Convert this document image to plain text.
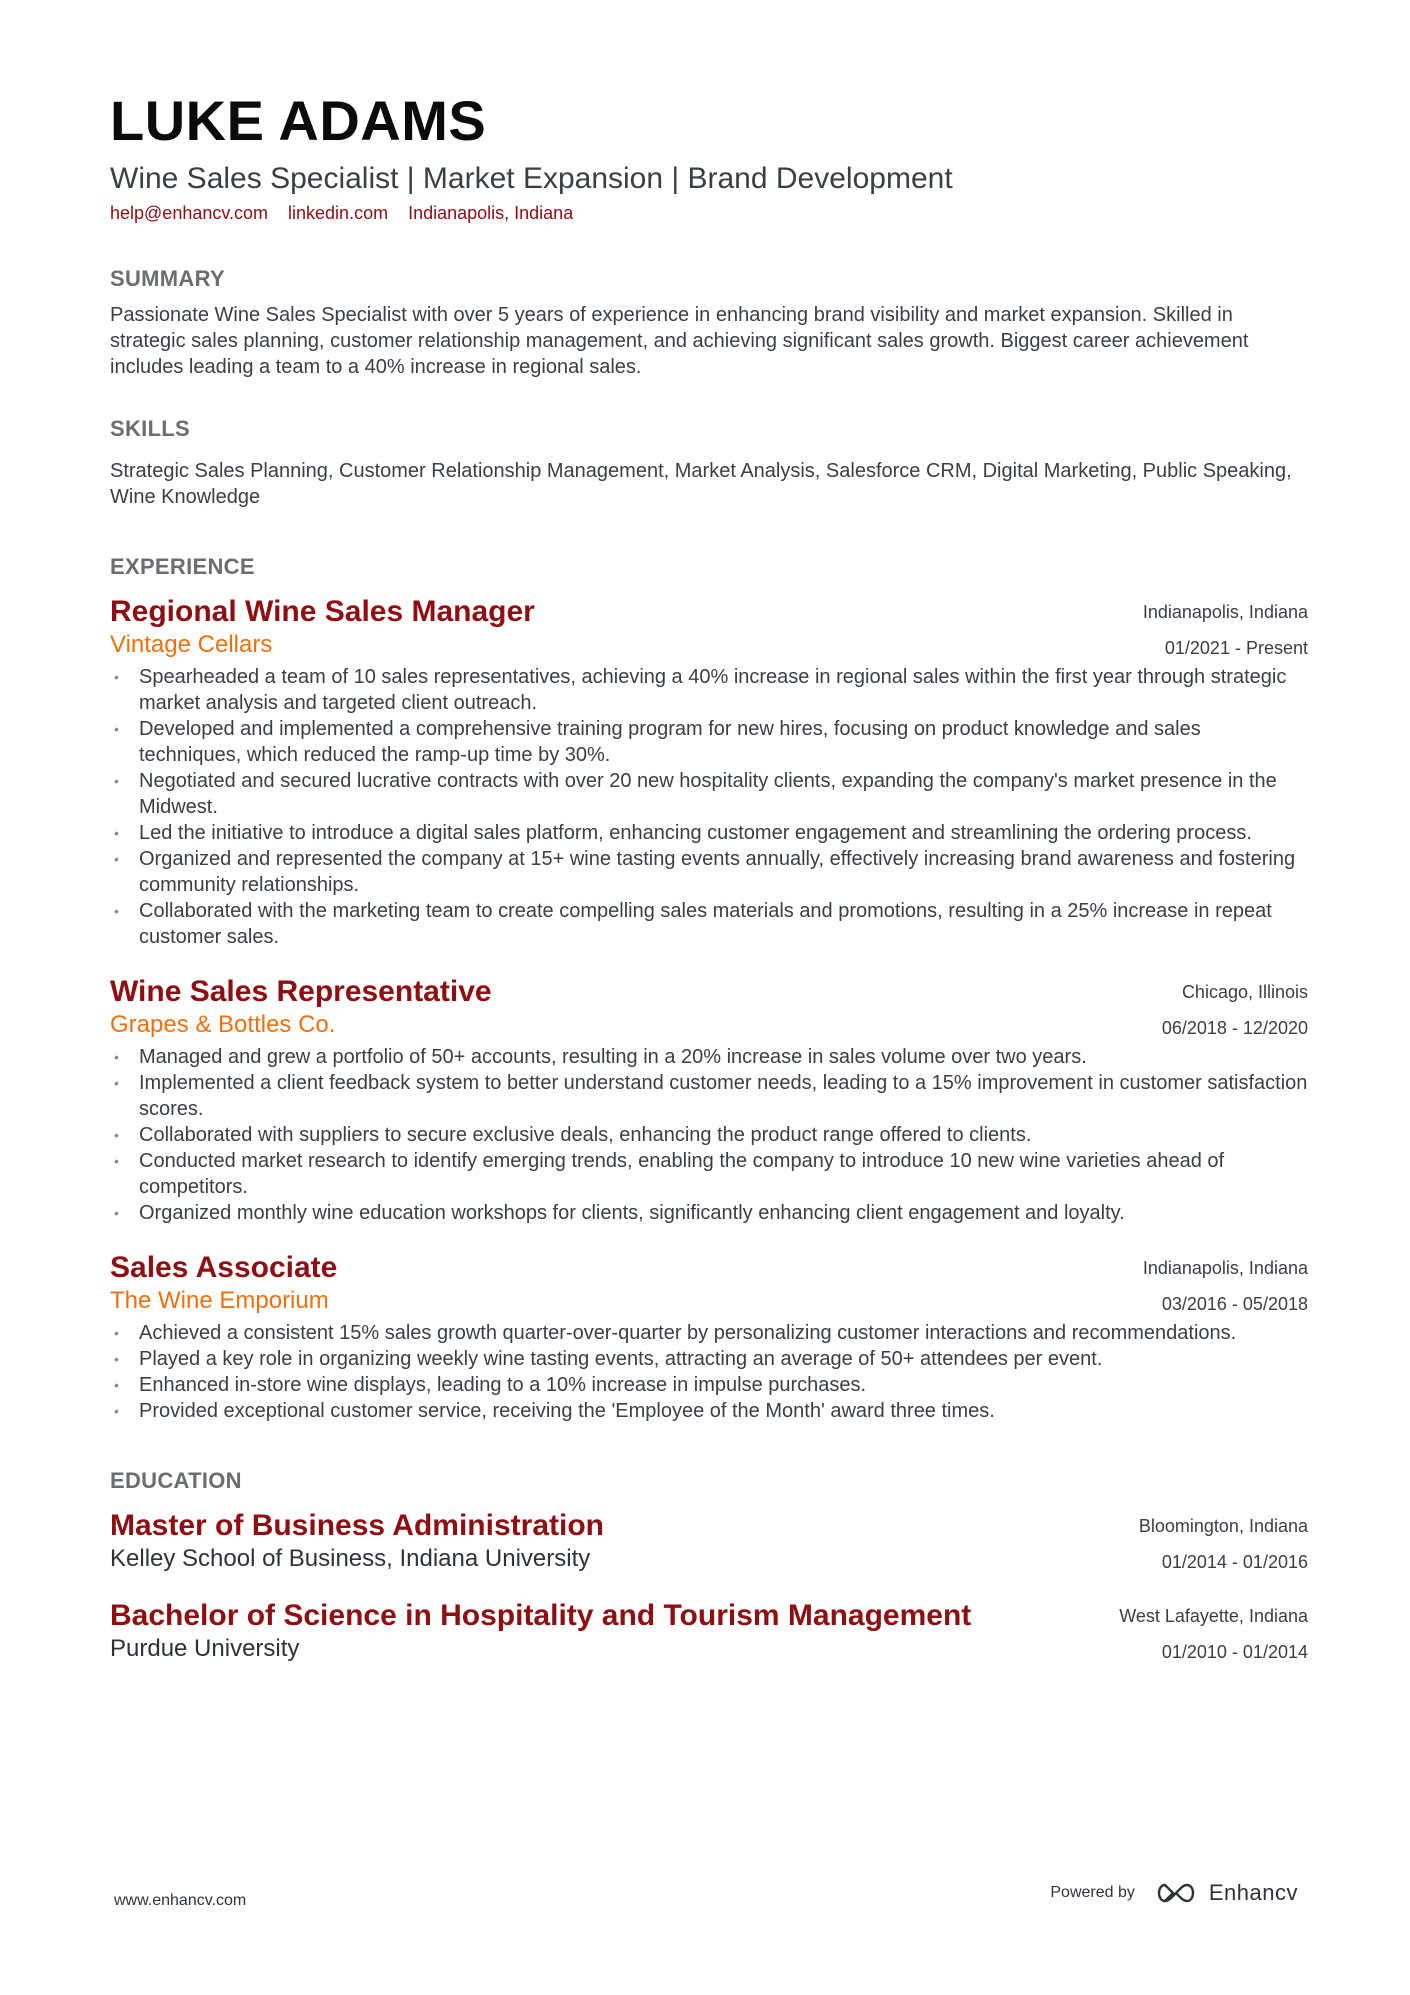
LUKE ADAMS
Wine Sales Specialist | Market Expansion | Brand Development
help@enhancv.com linkedin.com Indianapolis, Indiana
SUMMARY

Passionate Wine Sales Specialist with over 5 years of experience in enhancing brand visibility and market expansion. Skilled in strategic sales planning, customer relationship management, and achieving significant sales growth. Biggest career achievement includes leading a team to a 40% increase in regional sales.

SKILLS

Strategic Sales Planning, Customer Relationship Management, Market Analysis, Salesforce CRM, Digital Marketing, Public Speaking, Wine Knowledge

EXPERIENCE
Regional Wine Sales Manager

Vintage Cellars

Indianapolis, Indiana
01/2021 - Present
• Spearheaded a team of 10 sales representatives, achieving a 40% increase in regional sales within the first year through strategic market analysis and targeted client outreach.
• Developed and implemented a comprehensive training program for new hires, focusing on product knowledge and sales techniques, which reduced the ramp-up time by 30%.
• Negotiated and secured lucrative contracts with over 20 new hospitality clients, expanding the company's market presence in the Midwest.
• Led the initiative to introduce a digital sales platform, enhancing customer engagement and streamlining the ordering process.
• Organized and represented the company at 15+ wine tasting events annually, effectively increasing brand awareness and fostering community relationships.
• Collaborated with the marketing team to create compelling sales materials and promotions, resulting in a 25% increase in repeat customer sales.
Wine Sales Representative

Grapes & Bottles Co.

Chicago, Illinois
06/2018 - 12/2020
• Managed and grew a portfolio of 50+ accounts, resulting in a 20% increase in sales volume over two years.
• Implemented a client feedback system to better understand customer needs, leading to a 15% improvement in customer satisfaction scores.
• Collaborated with suppliers to secure exclusive deals, enhancing the product range offered to clients.
• Conducted market research to identify emerging trends, enabling the company to introduce 10 new wine varieties ahead of competitors.
• Organized monthly wine education workshops for clients, significantly enhancing client engagement and loyalty.
Sales Associate

The Wine Emporium

Indianapolis, Indiana
03/2016 - 05/2018
• Achieved a consistent 15% sales growth quarter-over-quarter by personalizing customer interactions and recommendations.
• Played a key role in organizing weekly wine tasting events, attracting an average of 50+ attendees per event.
• Enhanced in-store wine displays, leading to a 10% increase in impulse purchases.
• Provided exceptional customer service, receiving the 'Employee of the Month' award three times.
EDUCATION
Master of Business Administration

Kelley School of Business, Indiana University

Bloomington, Indiana
01/2014 - 01/2016
Bachelor of Science in Hospitality and Tourism Management

Purdue University

West Lafayette, Indiana
01/2010 - 01/2014
www.enhancv.com	Powered by	Enhancv
